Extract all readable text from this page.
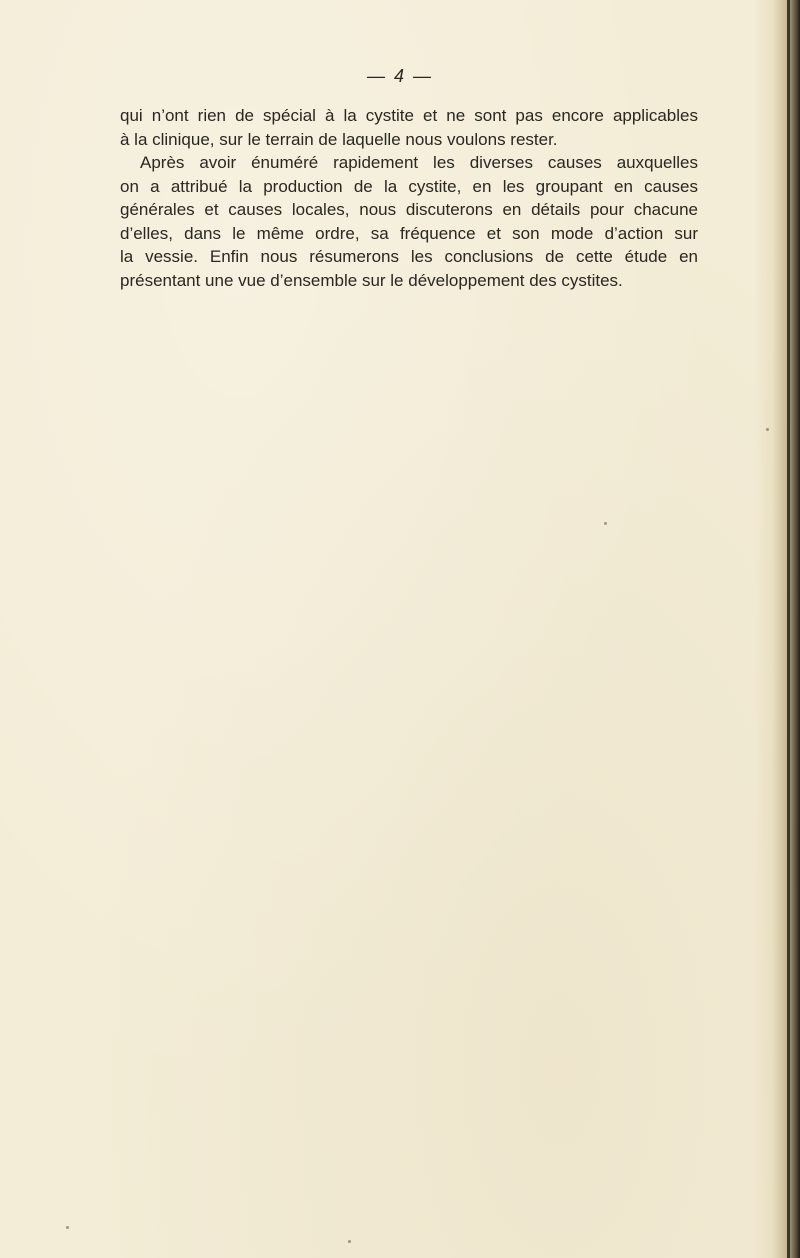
— 4 —
qui n’ont rien de spécial à la cystite et ne sont pas encore applicables
à la clinique, sur le terrain de laquelle nous voulons rester.
Après avoir énuméré rapidement les diverses causes auxquelles
on a attribué la production de la cystite, en les groupant en causes
générales et causes locales, nous discuterons en détails pour chacune
d’elles, dans le même ordre, sa fréquence et son mode d’action sur
la vessie. Enfin nous résumerons les conclusions de cette étude en
présentant une vue d’ensemble sur le développement des cystites.
